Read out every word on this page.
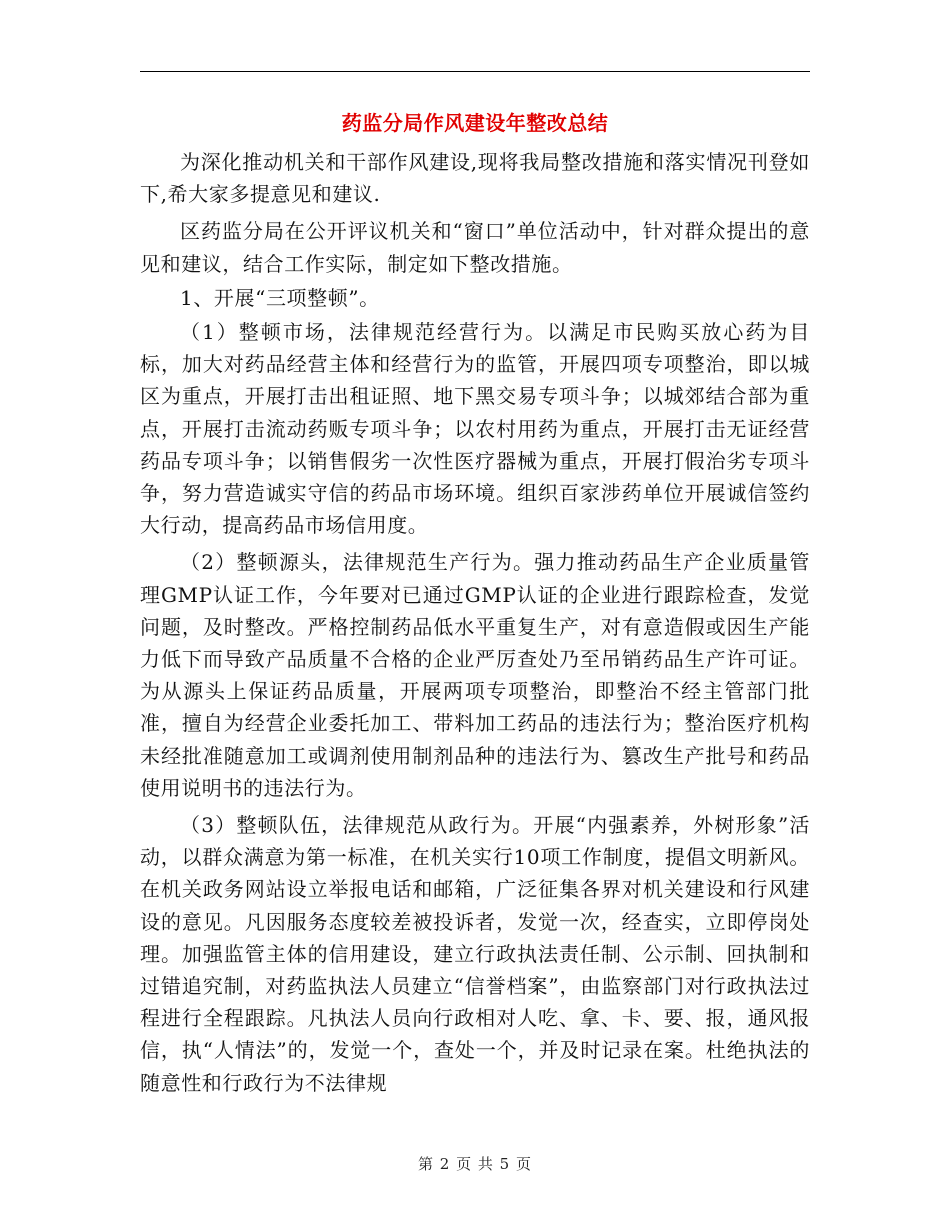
药监分局作风建设年整改总结

为深化推动机关和干部作风建设,现将我局整改措施和落实情况刊登如下,希大家多提意见和建议.

区药监分局在公开评议机关和“窗口”单位活动中，针对群众提出的意见和建议，结合工作实际，制定如下整改措施。

1、开展“三项整顿”。

（1）整顿市场，法律规范经营行为。以满足市民购买放心药为目标，加大对药品经营主体和经营行为的监管，开展四项专项整治，即以城区为重点，开展打击出租证照、地下黑交易专项斗争；以城郊结合部为重点，开展打击流动药贩专项斗争；以农村用药为重点，开展打击无证经营药品专项斗争；以销售假劣一次性医疗器械为重点，开展打假治劣专项斗争，努力营造诚实守信的药品市场环境。组织百家涉药单位开展诚信签约大行动，提高药品市场信用度。

（2）整顿源头，法律规范生产行为。强力推动药品生产企业质量管理GMP认证工作，今年要对已通过GMP认证的企业进行跟踪检查，发觉问题，及时整改。严格控制药品低水平重复生产，对有意造假或因生产能力低下而导致产品质量不合格的企业严厉查处乃至吊销药品生产许可证。为从源头上保证药品质量，开展两项专项整治，即整治不经主管部门批准，擅自为经营企业委托加工、带料加工药品的违法行为；整治医疗机构未经批准随意加工或调剂使用制剂品种的违法行为、篡改生产批号和药品使用说明书的违法行为。

（3）整顿队伍，法律规范从政行为。开展“内强素养，外树形象”活动，以群众满意为第一标准，在机关实行10项工作制度，提倡文明新风。在机关政务网站设立举报电话和邮箱，广泛征集各界对机关建设和行风建设的意见。凡因服务态度较差被投诉者，发觉一次，经查实，立即停岗处理。加强监管主体的信用建设，建立行政执法责任制、公示制、回执制和过错追究制，对药监执法人员建立“信誉档案”，由监察部门对行政执法过程进行全程跟踪。凡执法人员向行政相对人吃、拿、卡、要、报，通风报信，执“人情法”的，发觉一个，查处一个，并及时记录在案。杜绝执法的随意性和行政行为不法律规

第 2 页 共 5 页
